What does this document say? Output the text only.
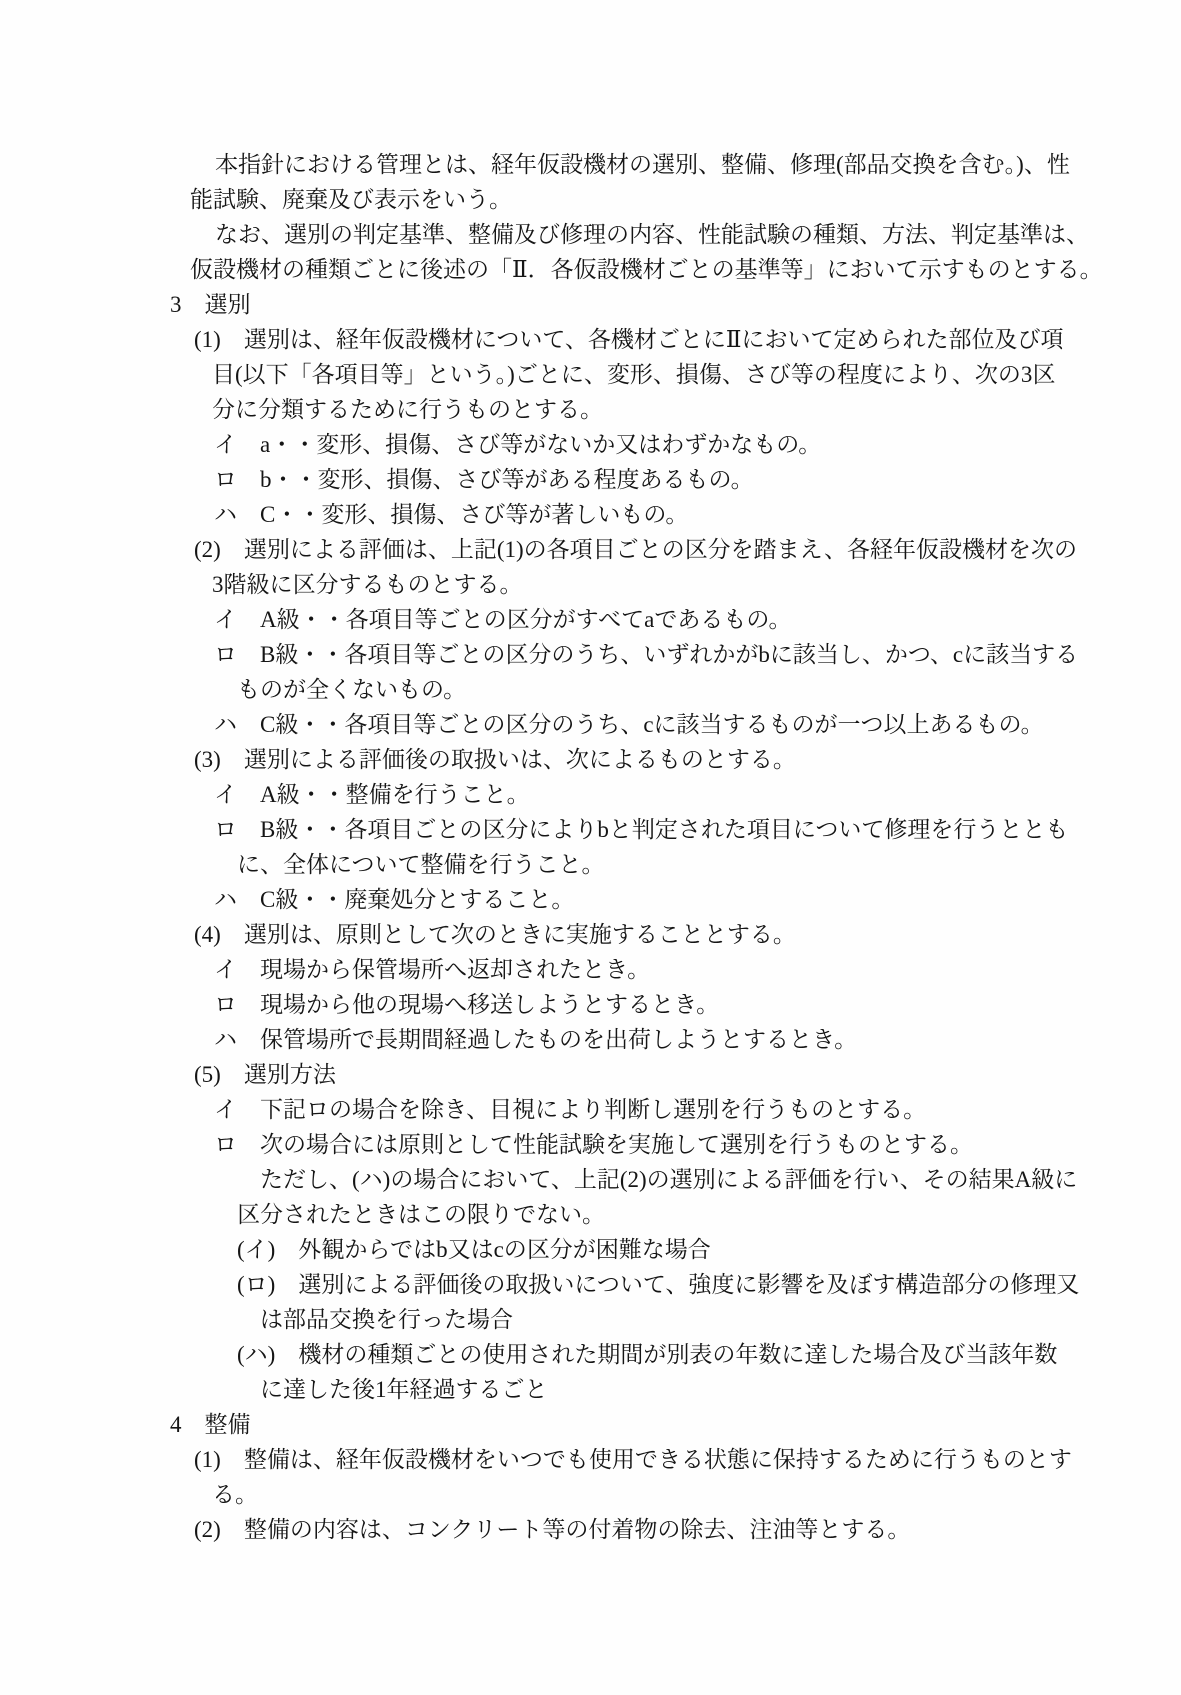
本指針における管理とは、経年仮設機材の選別、整備、修理(部品交換を含む。)、性
能試験、廃棄及び表示をいう。
なお、選別の判定基準、整備及び修理の内容、性能試験の種類、方法、判定基準は、
仮設機材の種類ごとに後述の「Ⅱ．各仮設機材ごとの基準等」において示すものとする。
3　選別
(1)　選別は、経年仮設機材について、各機材ごとにⅡにおいて定められた部位及び項
目(以下「各項目等」という。)ごとに、変形、損傷、さび等の程度により、次の3区
分に分類するために行うものとする。
イ　a・・変形、損傷、さび等がないか又はわずかなもの。
ロ　b・・変形、損傷、さび等がある程度あるもの。
ハ　C・・変形、損傷、さび等が著しいもの。
(2)　選別による評価は、上記(1)の各項目ごとの区分を踏まえ、各経年仮設機材を次の
3階級に区分するものとする。
イ　A級・・各項目等ごとの区分がすべてaであるもの。
ロ　B級・・各項目等ごとの区分のうち、いずれかがbに該当し、かつ、cに該当する
ものが全くないもの。
ハ　C級・・各項目等ごとの区分のうち、cに該当するものが一つ以上あるもの。
(3)　選別による評価後の取扱いは、次によるものとする。
イ　A級・・整備を行うこと。
ロ　B級・・各項目ごとの区分によりbと判定された項目について修理を行うととも
に、全体について整備を行うこと。
ハ　C級・・廃棄処分とすること。
(4)　選別は、原則として次のときに実施することとする。
イ　現場から保管場所へ返却されたとき。
ロ　現場から他の現場へ移送しようとするとき。
ハ　保管場所で長期間経過したものを出荷しようとするとき。
(5)　選別方法
イ　下記ロの場合を除き、目視により判断し選別を行うものとする。
ロ　次の場合には原則として性能試験を実施して選別を行うものとする。
ただし、(ハ)の場合において、上記(2)の選別による評価を行い、その結果A級に
区分されたときはこの限りでない。
(イ)　外観からではb又はcの区分が困難な場合
(ロ)　選別による評価後の取扱いについて、強度に影響を及ぼす構造部分の修理又
は部品交換を行った場合
(ハ)　機材の種類ごとの使用された期間が別表の年数に達した場合及び当該年数
に達した後1年経過するごと
4　整備
(1)　整備は、経年仮設機材をいつでも使用できる状態に保持するために行うものとす
る。
(2)　整備の内容は、コンクリート等の付着物の除去、注油等とする。
